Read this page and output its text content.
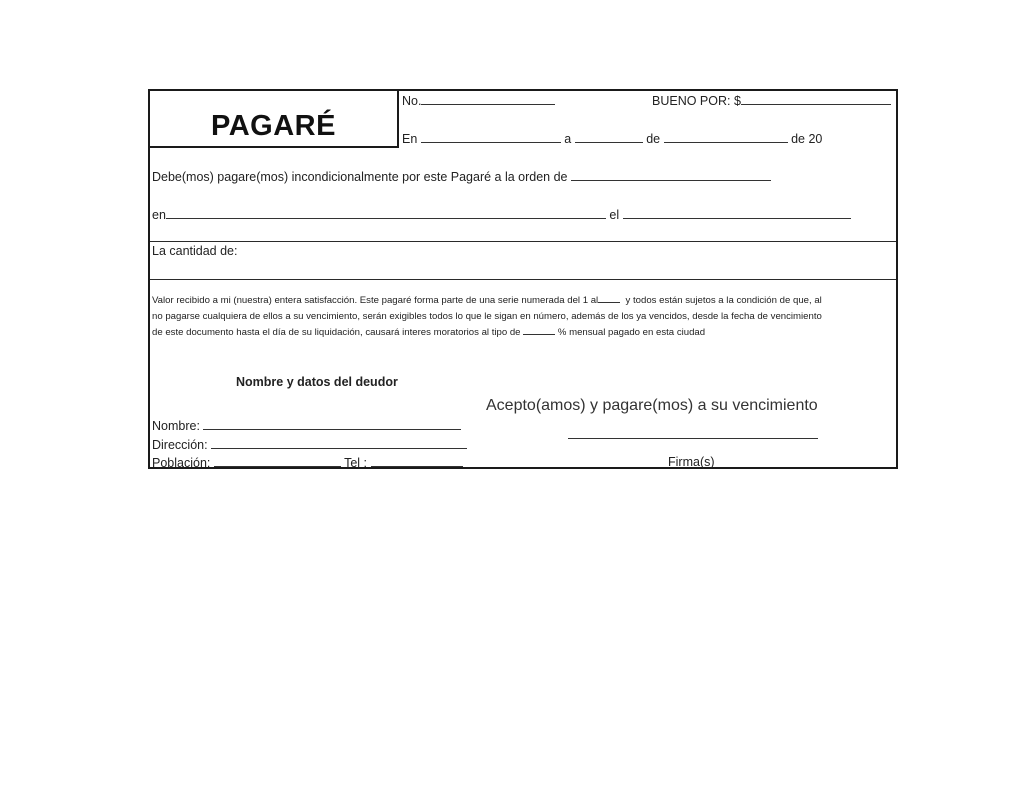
PAGARÉ
No.	BUENO POR: $
En	a	de	de 20
Debe(mos) pagare(mos) incondicionalmente por este Pagaré a la orden de
en	el
La cantidad de:

Valor recibido a mi (nuestra) entera satisfacción. Este pagaré forma parte de una serie numerada del 1 al	y todos están sujetos a la condición de que, al

no pagarse cualquiera de ellos a su vencimiento, serán exigibles todos lo que le sigan en número, además de los ya vencidos, desde la fecha de vencimiento

de este documento hasta el día de su liquidación, causará interes moratorios al tipo de	% mensual pagado en esta ciudad

Nombre y datos del deudor
Nombre:
Dirección:
Población:	Tel :
Acepto(amos) y pagare(mos) a su vencimiento
Firma(s)
